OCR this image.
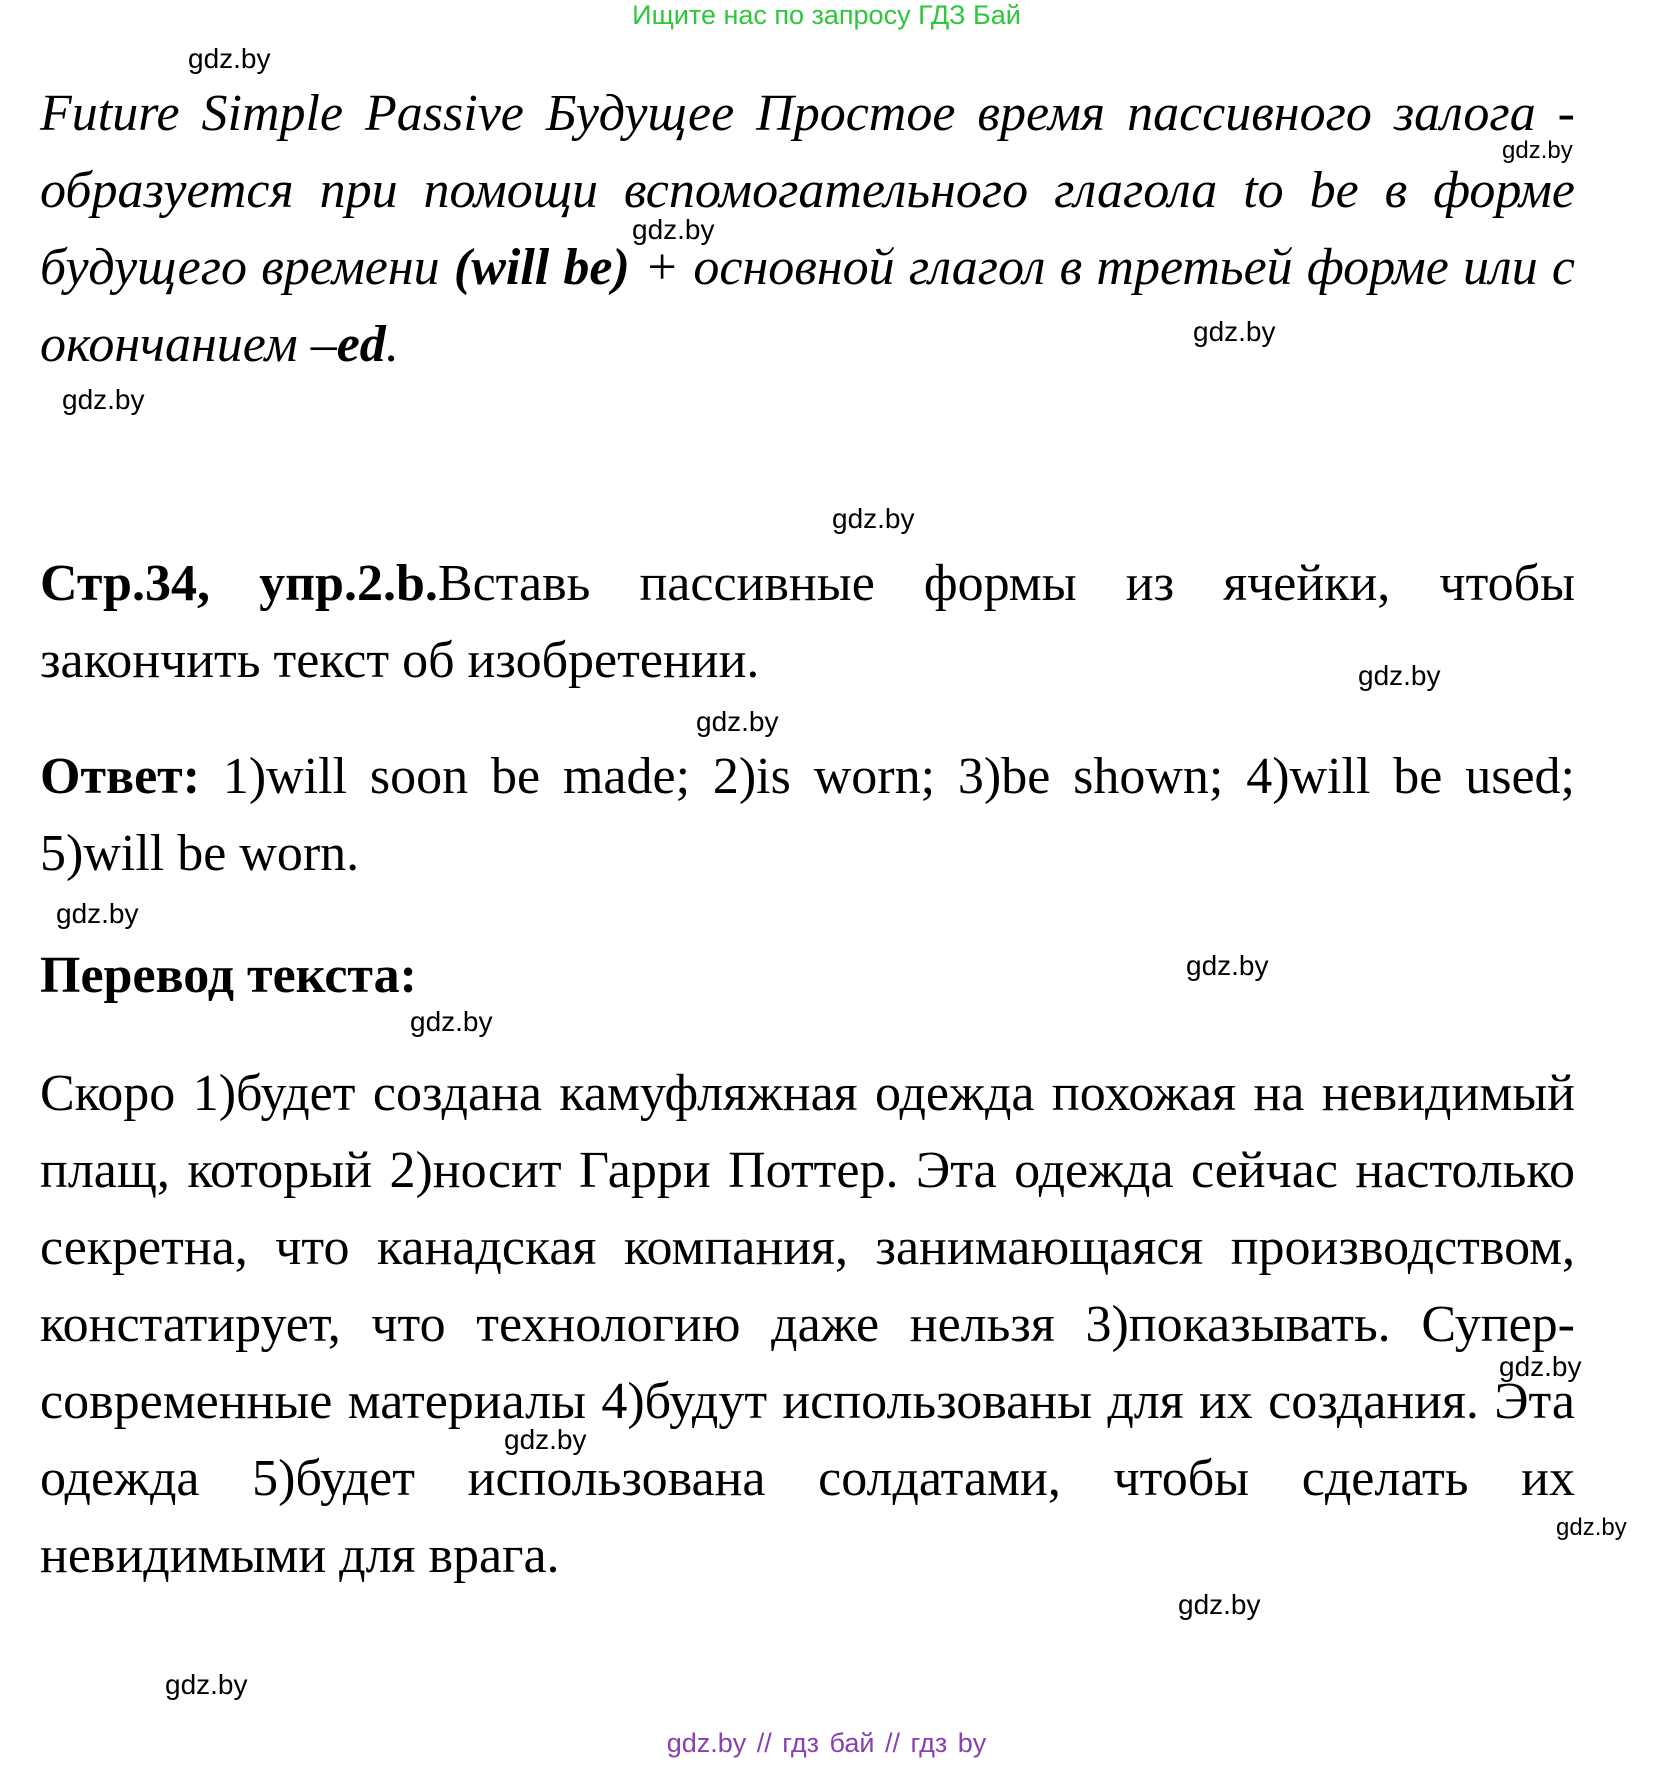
Ищите нас по запросу ГДЗ Бай
Future Simple Passive Будущее Простое время пассивного залога - образуется при помощи вспомогательного глагола to be в форме будущего времени (will be) + основной глагол в третьей форме или с окончанием –ed.
Стр.34, упр.2.b.Вставь пассивные формы из ячейки, чтобы закончить текст об изобретении.
Ответ: 1)will soon be made; 2)is worn; 3)be shown; 4)will be used; 5)will be worn.
Перевод текста:
Скоро 1)будет создана камуфляжная одежда похожая на невидимый плащ, который 2)носит Гарри Поттер. Эта одежда сейчас настолько секретна, что канадская компания, занимающаяся производством, констатирует, что технологию даже нельзя 3)показывать. Супер-современные материалы 4)будут использованы для их создания. Эта одежда 5)будет использована солдатами, чтобы сделать их невидимыми для врага.
gdz.by
gdz.by
gdz.by
gdz.by
gdz.by
gdz.by
gdz.by
gdz.by
gdz.by
gdz.by
gdz.by
gdz.by
gdz.by
gdz.by
gdz.by
gdz.by
gdz.by // гдз бай // гдз by
